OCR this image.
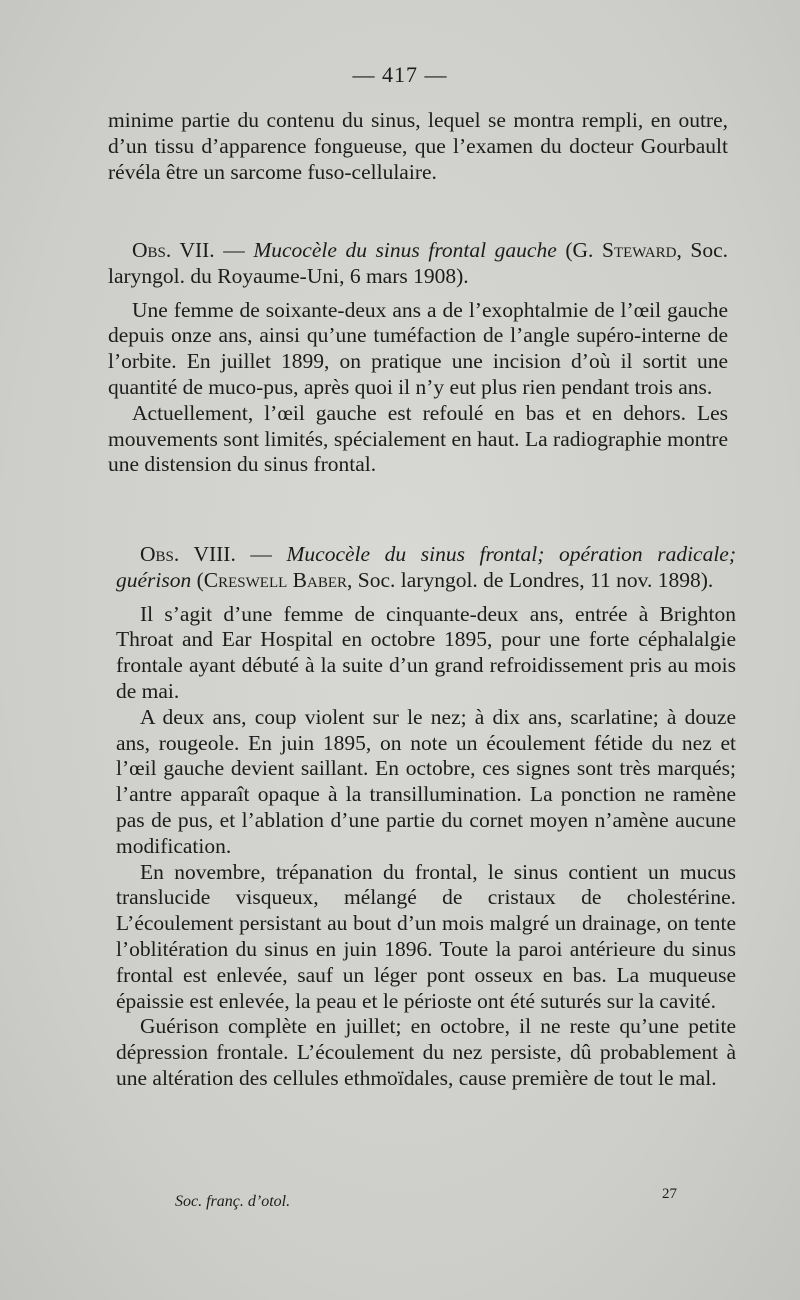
— 417 —

minime partie du contenu du sinus, lequel se montra rempli, en outre, d’un tissu d’apparence fongueuse, que l’examen du docteur Gourbault révéla être un sarcome fuso-cellulaire.

Obs. VII. — Mucocèle du sinus frontal gauche (G. Steward, Soc. laryngol. du Royaume-Uni, 6 mars 1908).

Une femme de soixante-deux ans a de l’exophtalmie de l’œil gauche depuis onze ans, ainsi qu’une tuméfaction de l’angle supéro-interne de l’orbite. En juillet 1899, on pratique une incision d’où il sortit une quantité de muco-pus, après quoi il n’y eut plus rien pendant trois ans.

Actuellement, l’œil gauche est refoulé en bas et en dehors. Les mouvements sont limités, spécialement en haut. La radiographie montre une distension du sinus frontal.

Obs. VIII. — Mucocèle du sinus frontal; opération radicale; guérison (Creswell Baber, Soc. laryngol. de Londres, 11 nov. 1898).

Il s’agit d’une femme de cinquante-deux ans, entrée à Brighton Throat and Ear Hospital en octobre 1895, pour une forte céphalalgie frontale ayant débuté à la suite d’un grand refroidissement pris au mois de mai.

A deux ans, coup violent sur le nez; à dix ans, scarlatine; à douze ans, rougeole. En juin 1895, on note un écoulement fétide du nez et l’œil gauche devient saillant. En octobre, ces signes sont très marqués; l’antre apparaît opaque à la transillumination. La ponction ne ramène pas de pus, et l’ablation d’une partie du cornet moyen n’amène aucune modification.

En novembre, trépanation du frontal, le sinus contient un mucus translucide visqueux, mélangé de cristaux de cholestérine. L’écoulement persistant au bout d’un mois malgré un drainage, on tente l’oblitération du sinus en juin 1896. Toute la paroi antérieure du sinus frontal est enlevée, sauf un léger pont osseux en bas. La muqueuse épaissie est enlevée, la peau et le périoste ont été suturés sur la cavité.

Guérison complète en juillet; en octobre, il ne reste qu’une petite dépression frontale. L’écoulement du nez persiste, dû probablement à une altération des cellules ethmoïdales, cause première de tout le mal.

Soc. franç. d’otol.	27
